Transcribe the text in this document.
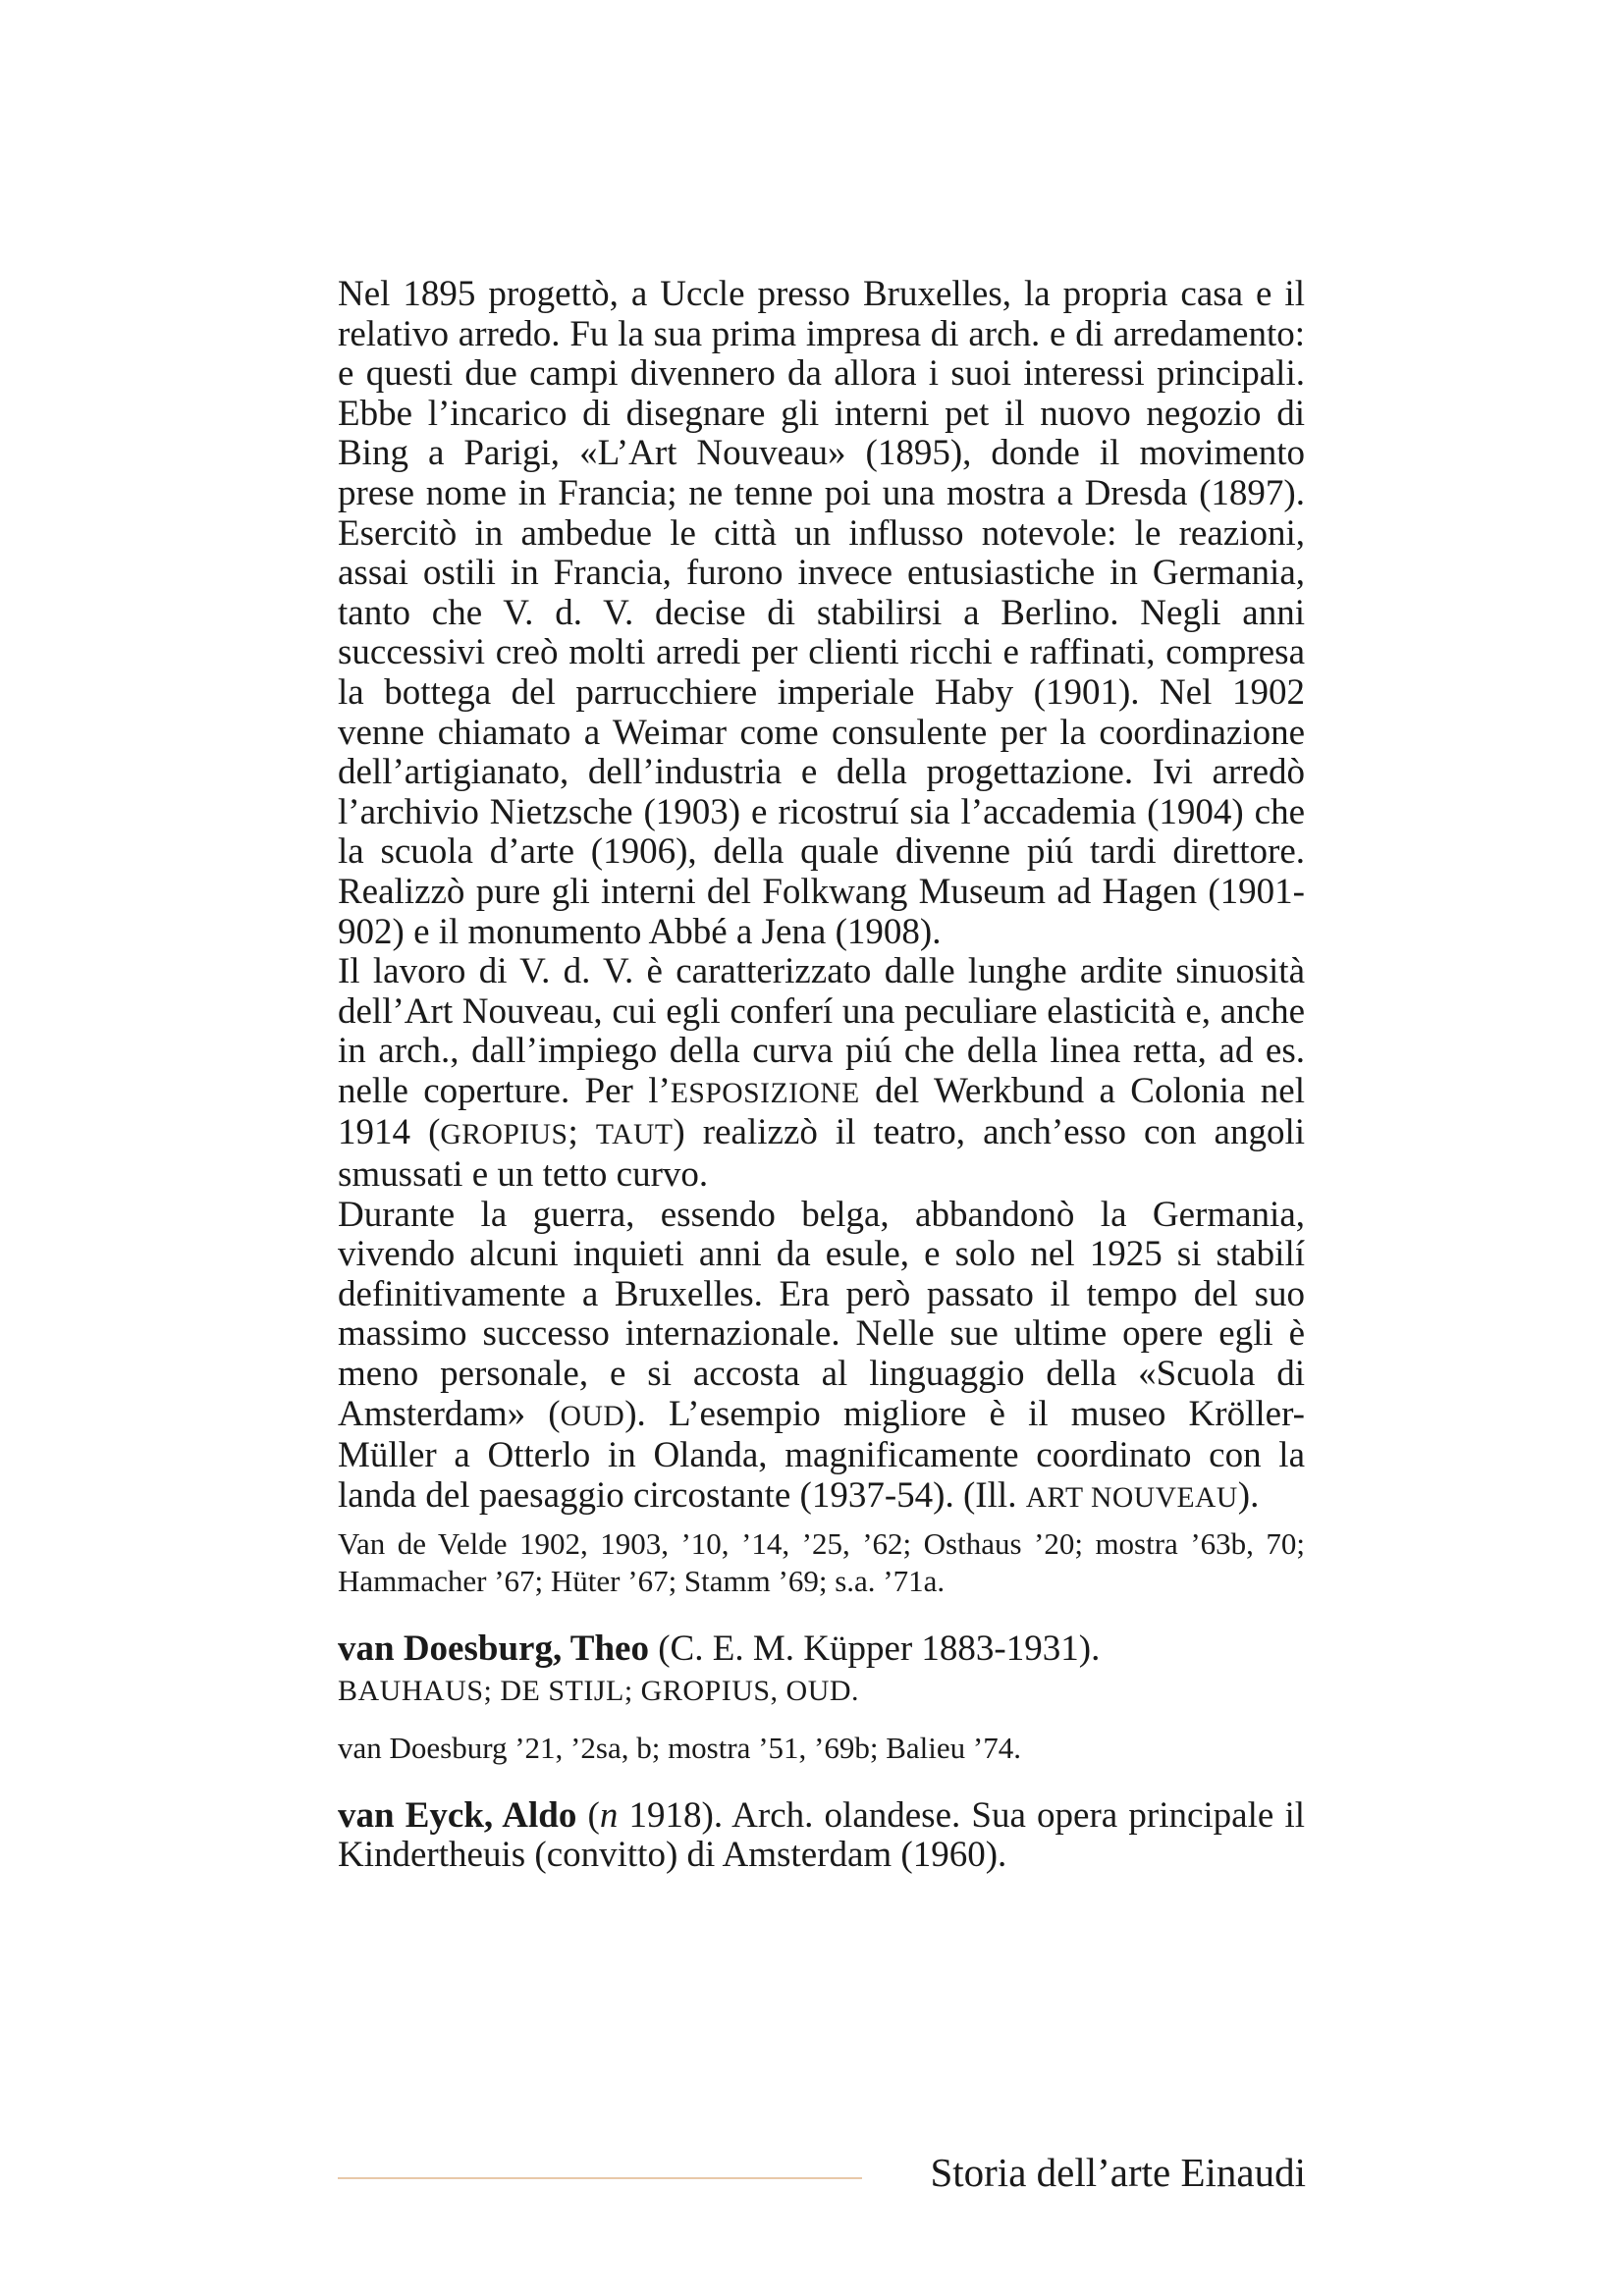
Nel 1895 progettò, a Uccle presso Bruxelles, la propria casa e il relativo arredo. Fu la sua prima impresa di arch. e di arredamento: e questi due campi divennero da allora i suoi interessi principali. Ebbe l’incarico di disegnare gli interni pet il nuovo negozio di Bing a Parigi, «L’Art Nouveau» (1895), donde il movimento prese nome in Francia; ne tenne poi una mostra a Dresda (1897). Esercitò in ambedue le città un influsso notevole: le reazioni, assai ostili in Francia, furono invece entusiastiche in Germania, tanto che V. d. V. decise di stabilirsi a Berlino. Negli anni successivi creò molti arredi per clienti ricchi e raffinati, compresa la bottega del parrucchiere imperiale Haby (1901). Nel 1902 venne chiamato a Weimar come consulente per la coordinazione dell’artigianato, dell’industria e della progettazione. Ivi arredò l’archivio Nietzsche (1903) e ricostruí sia l’accademia (1904) che la scuola d’arte (1906), della quale divenne piú tardi direttore. Realizzò pure gli interni del Folkwang Museum ad Hagen (1901-902) e il monumento Abbé a Jena (1908).

Il lavoro di V. d. V. è caratterizzato dalle lunghe ardite sinuosità dell’Art Nouveau, cui egli conferí una peculiare elasticità e, anche in arch., dall’impiego della curva piú che della linea retta, ad es. nelle coperture. Per l’ESPOSIZIONE del Werkbund a Colonia nel 1914 (GROPIUS; TAUT) realizzò il teatro, anch’esso con angoli smussati e un tetto curvo.

Durante la guerra, essendo belga, abbandonò la Germania, vivendo alcuni inquieti anni da esule, e solo nel 1925 si stabilí definitivamente a Bruxelles. Era però passato il tempo del suo massimo successo internazionale. Nelle sue ultime opere egli è meno personale, e si accosta al linguaggio della «Scuola di Amsterdam» (OUD). L’esempio migliore è il museo Kröller-Müller a Otterlo in Olanda, magnificamente coordinato con la landa del paesaggio circostante (1937-54). (Ill. ART NOUVEAU).

Van de Velde 1902, 1903, ’10, ’14, ’25, ’62; Osthaus ’20; mostra ’63b, 70; Hammacher ’67; Hüter ’67; Stamm ’69; s.a. ’71a.

van Doesburg, Theo (C. E. M. Küpper 1883-1931).
BAUHAUS; DE STIJL; GROPIUS, OUD.

van Doesburg ’21, ’2sa, b; mostra ’51, ’69b; Balieu ’74.

van Eyck, Aldo (n 1918). Arch. olandese. Sua opera principale il Kindertheuis (convitto) di Amsterdam (1960).

Storia dell’arte Einaudi
